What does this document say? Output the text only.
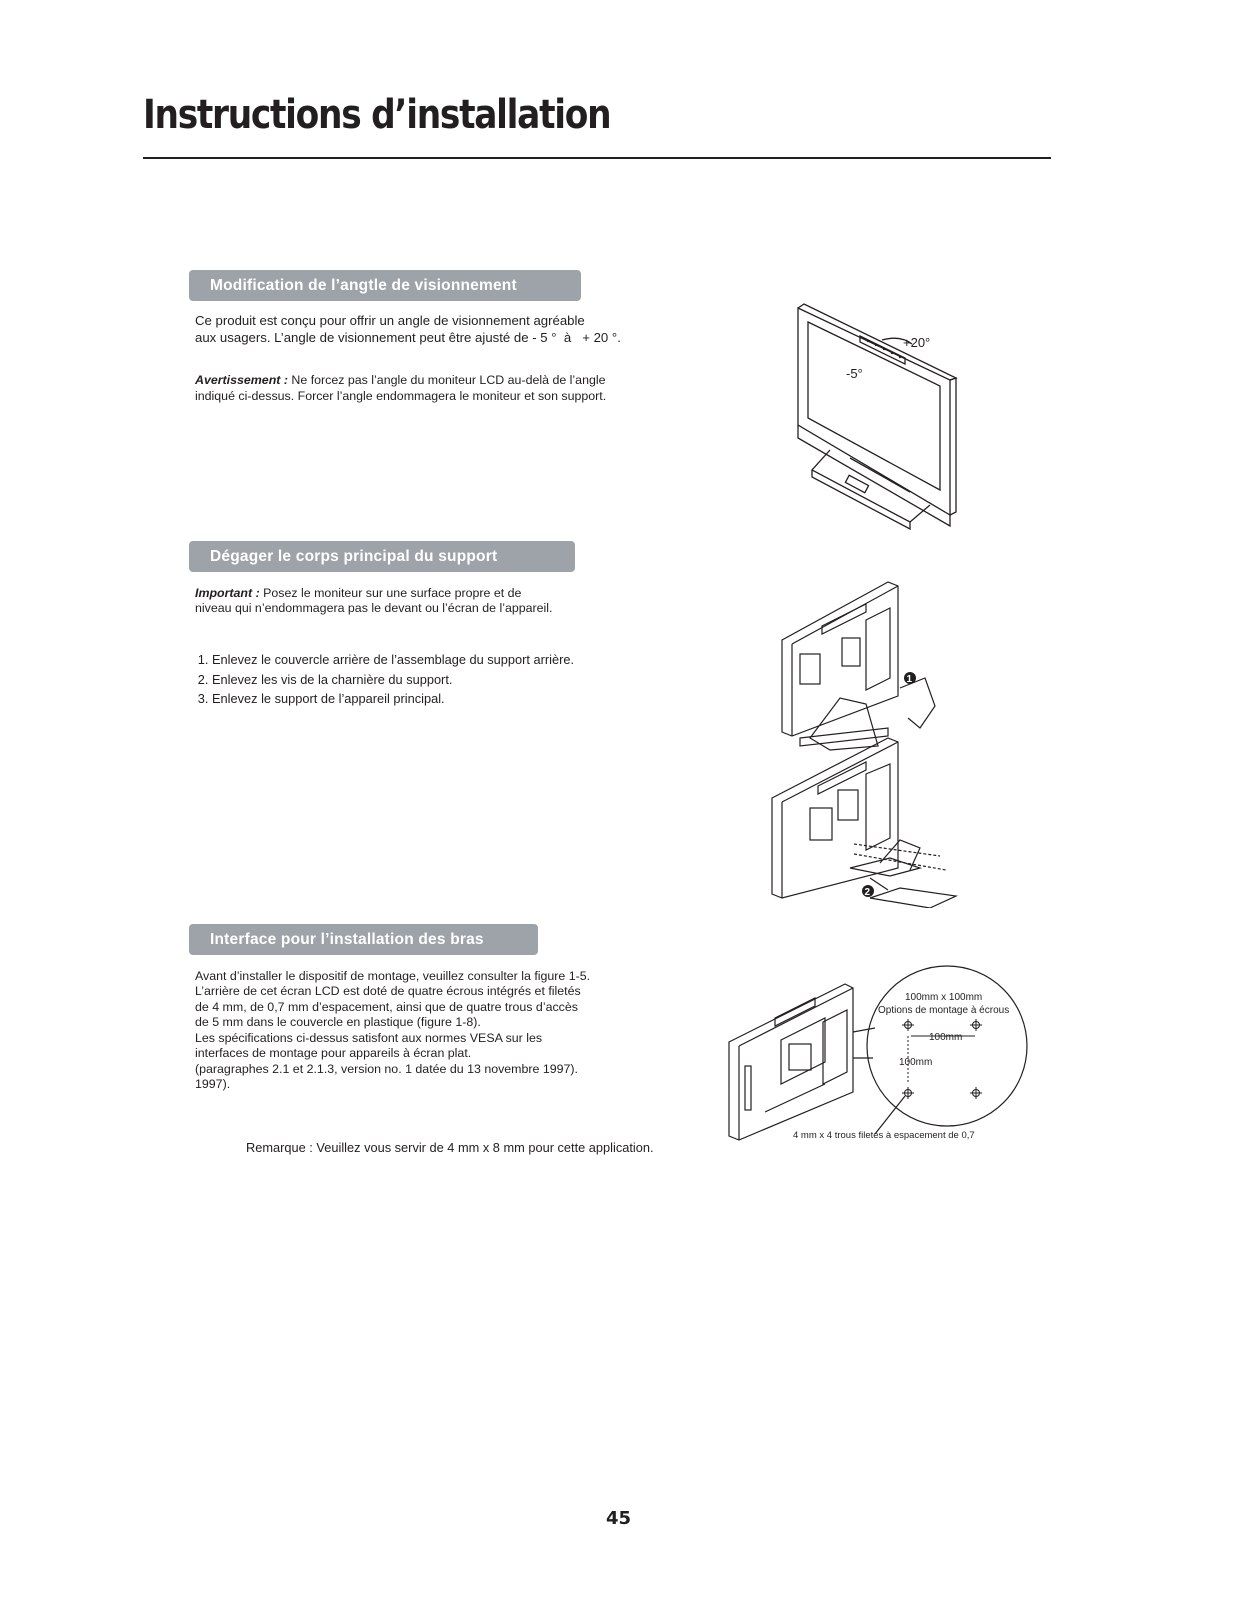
Instructions d’installation
Modification de l’angtle de visionnement
Ce produit est conçu pour offrir un angle de visionnement agréable
aux usagers. L’angle de visionnement peut être ajusté de - 5 °  à   + 20 °.
Avertissement : Ne forcez pas l’angle du moniteur LCD au-delà de l’angle
indiqué ci-dessus. Forcer l’angle endommagera le moniteur et son support.
+20°
-5°
Dégager le corps principal du support
Important : Posez le moniteur sur une surface propre et de
niveau qui n’endommagera pas le devant ou l’écran de l’appareil.
1. Enlevez le couvercle arrière de l’assemblage du support arrière.
2. Enlevez les vis de la charnière du support.
3. Enlevez le support de l’appareil principal.
1
2
Interface pour l’installation des bras
Avant d’installer le dispositif de montage, veuillez consulter la figure 1-5.
L’arrière de cet écran LCD est doté de quatre écrous intégrés et filetés
de 4 mm, de 0,7 mm d’espacement, ainsi que de quatre trous d’accès
de 5 mm dans le couvercle en plastique (figure 1-8).
Les spécifications ci-dessus satisfont aux normes VESA sur les
interfaces de montage pour appareils à écran plat.
(paragraphes 2.1 et 2.1.3, version no. 1 datée du 13 novembre 1997).
1997).
Remarque : Veuillez vous servir de 4 mm x 8 mm pour cette application.
100mm x 100mm
Options de montage à écrous
100mm
100mm
4 mm x 4 trous filetés à espacement de 0,7
45
